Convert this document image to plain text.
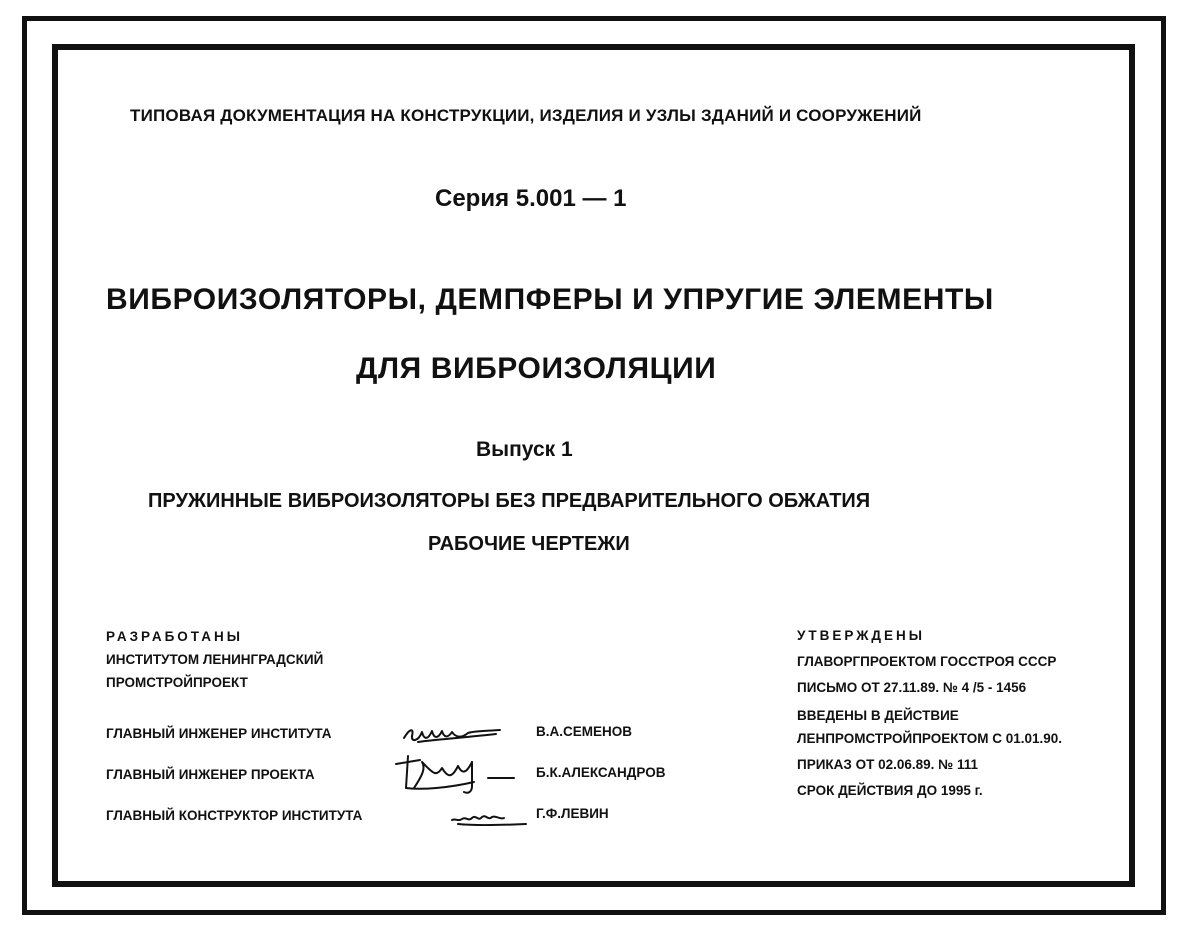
ТИПОВАЯ ДОКУМЕНТАЦИЯ НА КОНСТРУКЦИИ, ИЗДЕЛИЯ И УЗЛЫ ЗДАНИЙ И СООРУЖЕНИЙ
Серия 5.001 — 1
ВИБРОИЗОЛЯТОРЫ, ДЕМПФЕРЫ И УПРУГИЕ ЭЛЕМЕНТЫ
ДЛЯ ВИБРОИЗОЛЯЦИИ
Выпуск 1
ПРУЖИННЫЕ ВИБРОИЗОЛЯТОРЫ БЕЗ ПРЕДВАРИТЕЛЬНОГО ОБЖАТИЯ
РАБОЧИЕ ЧЕРТЕЖИ
РАЗРАБОТАНЫ
ИНСТИТУТОМ ЛЕНИНГРАДСКИЙ
ПРОМСТРОЙПРОЕКТ
ГЛАВНЫЙ ИНЖЕНЕР ИНСТИТУТА	В.А.СЕМЕНОВ
ГЛАВНЫЙ ИНЖЕНЕР ПРОЕКТА	Б.К.АЛЕКСАНДРОВ
ГЛАВНЫЙ КОНСТРУКТОР ИНСТИТУТА	Г.Ф.ЛЕВИН
УТВЕРЖДЕНЫ
ГЛАВОРГПРОЕКТОМ ГОССТРОЯ СССР
ПИСЬМО ОТ 27.11.89. № 4 /5 - 1456
ВВЕДЕНЫ В ДЕЙСТВИЕ
ЛЕНПРОМСТРОЙПРОЕКТОМ С 01.01.90.
ПРИКАЗ ОТ 02.06.89. № 111
СРОК ДЕЙСТВИЯ ДО 1995 г.
